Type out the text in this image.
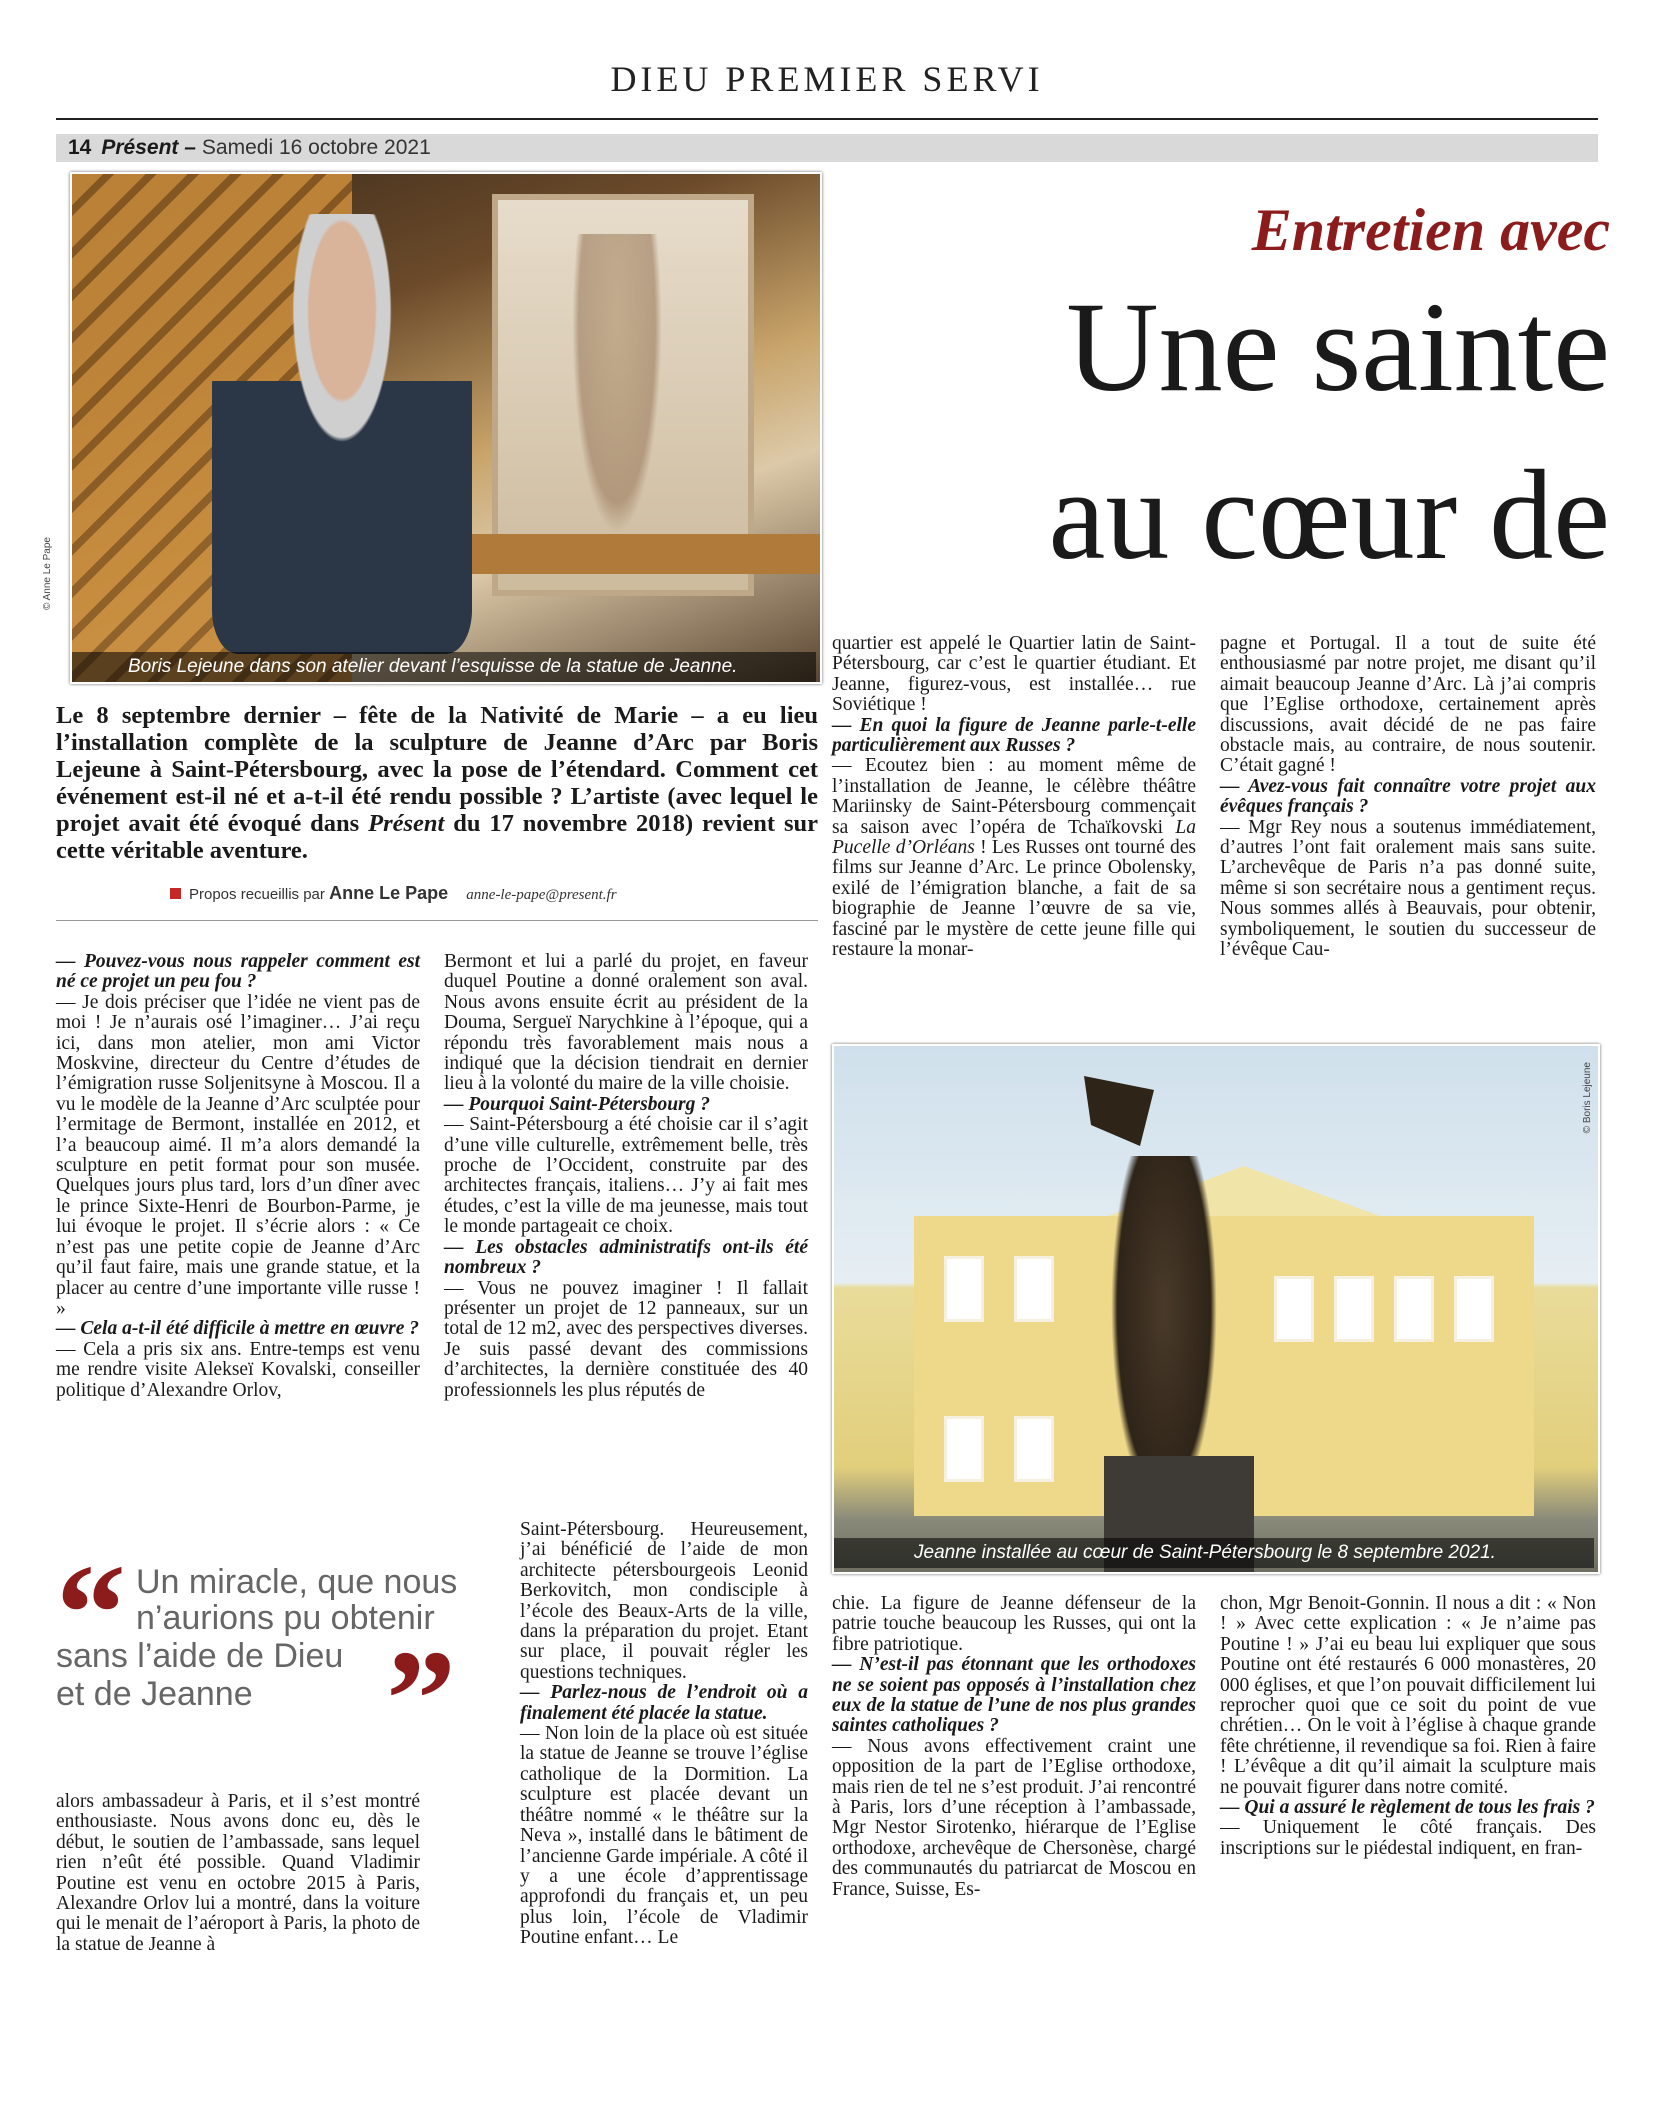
DIEU PREMIER SERVI
14 Présent – Samedi 16 octobre 2021
Boris Lejeune dans son atelier devant l’esquisse de la statue de Jeanne.
© Anne Le Pape
Entretien avec
Une sainte
au cœur de
Le 8 septembre dernier – fête de la Nativité de Marie – a eu lieu l’installation complète de la sculpture de Jeanne d’Arc par Boris Lejeune à Saint-Pétersbourg, avec la pose de l’étendard. Comment cet événement est-il né et a-t-il été rendu possible ? L’artiste (avec lequel le projet avait été évoqué dans Présent du 17 novembre 2018) revient sur cette véritable aventure.
Propos recueillis par Anne Le Pape anne-le-pape@present.fr

— Pouvez-vous nous rappeler comment est né ce projet un peu fou ?

— Je dois préciser que l’idée ne vient pas de moi ! Je n’aurais osé l’imaginer… J’ai reçu ici, dans mon atelier, mon ami Victor Moskvine, directeur du Centre d’études de l’émigration russe Soljenitsyne à Moscou. Il a vu le modèle de la Jeanne d’Arc sculptée pour l’ermitage de Bermont, installée en 2012, et l’a beaucoup aimé. Il m’a alors demandé la sculpture en petit format pour son musée. Quelques jours plus tard, lors d’un dîner avec le prince Sixte-Henri de Bourbon-Parme, je lui évoque le projet. Il s’écrie alors : « Ce n’est pas une petite copie de Jeanne d’Arc qu’il faut faire, mais une grande statue, et la placer au centre d’une importante ville russe ! »

— Cela a-t-il été difficile à mettre en œuvre ?

— Cela a pris six ans. Entre-temps est venu me rendre visite Alekseï Kovalski, conseiller politique d’Alexandre Orlov,

“ Un miracle, que nous
n’aurions pu obtenir
sans l’aide de Dieu
et de Jeanne ”

alors ambassadeur à Paris, et il s’est montré enthousiaste. Nous avons donc eu, dès le début, le soutien de l’ambassade, sans lequel rien n’eût été possible. Quand Vladimir Poutine est venu en octobre 2015 à Paris, Alexandre Orlov lui a montré, dans la voiture qui le menait de l’aéroport à Paris, la photo de la statue de Jeanne à

Bermont et lui a parlé du projet, en faveur duquel Poutine a donné oralement son aval. Nous avons ensuite écrit au président de la Douma, Sergueï Narychkine à l’époque, qui a répondu très favorablement mais nous a indiqué que la décision tiendrait en dernier lieu à la volonté du maire de la ville choisie.

— Pourquoi Saint-Pétersbourg ?

— Saint-Pétersbourg a été choisie car il s’agit d’une ville culturelle, extrêmement belle, très proche de l’Occident, construite par des architectes français, italiens… J’y ai fait mes études, c’est la ville de ma jeunesse, mais tout le monde partageait ce choix.

— Les obstacles administratifs ont-ils été nombreux ?

— Vous ne pouvez imaginer ! Il fallait présenter un projet de 12 panneaux, sur un total de 12 m2, avec des perspectives diverses. Je suis passé devant des commissions d’architectes, la dernière constituée des 40 professionnels les plus réputés de

Saint-Pétersbourg. Heureusement, j’ai bénéficié de l’aide de mon architecte pétersbourgeois Leonid Berkovitch, mon condisciple à l’école des Beaux-Arts de la ville, dans la préparation du projet. Etant sur place, il pouvait régler les questions techniques.

— Parlez-nous de l’endroit où a finalement été placée la statue.

— Non loin de la place où est située la statue de Jeanne se trouve l’église catholique de la Dormition. La sculpture est placée devant un théâtre nommé « le théâtre sur la Neva », installé dans le bâtiment de l’ancienne Garde impériale. A côté il y a une école d’apprentissage approfondi du français et, un peu plus loin, l’école de Vladimir Poutine enfant… Le

quartier est appelé le Quartier latin de Saint-Pétersbourg, car c’est le quartier étudiant. Et Jeanne, figurez-vous, est installée… rue Soviétique !

— En quoi la figure de Jeanne parle-t-elle particulièrement aux Russes ?

— Ecoutez bien : au moment même de l’installation de Jeanne, le célèbre théâtre Mariinsky de Saint-Pétersbourg commençait sa saison avec l’opéra de Tchaïkovski La Pucelle d’Orléans ! Les Russes ont tourné des films sur Jeanne d’Arc. Le prince Obolensky, exilé de l’émigration blanche, a fait de sa biographie de Jeanne l’œuvre de sa vie, fasciné par le mystère de cette jeune fille qui restaure la monar-

pagne et Portugal. Il a tout de suite été enthousiasmé par notre projet, me disant qu’il aimait beaucoup Jeanne d’Arc. Là j’ai compris que l’Eglise orthodoxe, certainement après discussions, avait décidé de ne pas faire obstacle mais, au contraire, de nous soutenir. C’était gagné !

— Avez-vous fait connaître votre projet aux évêques français ?

— Mgr Rey nous a soutenus immédiatement, d’autres l’ont fait oralement mais sans suite. L’archevêque de Paris n’a pas donné suite, même si son secrétaire nous a gentiment reçus. Nous sommes allés à Beauvais, pour obtenir, symboliquement, le soutien du successeur de l’évêque Cau-

Jeanne installée au cœur de Saint-Pétersbourg le 8 septembre 2021.
© Boris Lejeune

chie. La figure de Jeanne défenseur de la patrie touche beaucoup les Russes, qui ont la fibre patriotique.

— N’est-il pas étonnant que les orthodoxes ne se soient pas opposés à l’installation chez eux de la statue de l’une de nos plus grandes saintes catholiques ?

— Nous avons effectivement craint une opposition de la part de l’Eglise orthodoxe, mais rien de tel ne s’est produit. J’ai rencontré à Paris, lors d’une réception à l’ambassade, Mgr Nestor Sirotenko, hiérarque de l’Eglise orthodoxe, archevêque de Chersonèse, chargé des communautés du patriarcat de Moscou en France, Suisse, Es-

chon, Mgr Benoit-Gonnin. Il nous a dit : « Non ! » Avec cette explication : « Je n’aime pas Poutine ! » J’ai eu beau lui expliquer que sous Poutine ont été restaurés 6 000 monastères, 20 000 églises, et que l’on pouvait difficilement lui reprocher quoi que ce soit du point de vue chrétien… On le voit à l’église à chaque grande fête chrétienne, il revendique sa foi. Rien à faire ! L’évêque a dit qu’il aimait la sculpture mais ne pouvait figurer dans notre comité.

— Qui a assuré le règlement de tous les frais ?

— Uniquement le côté français. Des inscriptions sur le piédestal indiquent, en fran-
